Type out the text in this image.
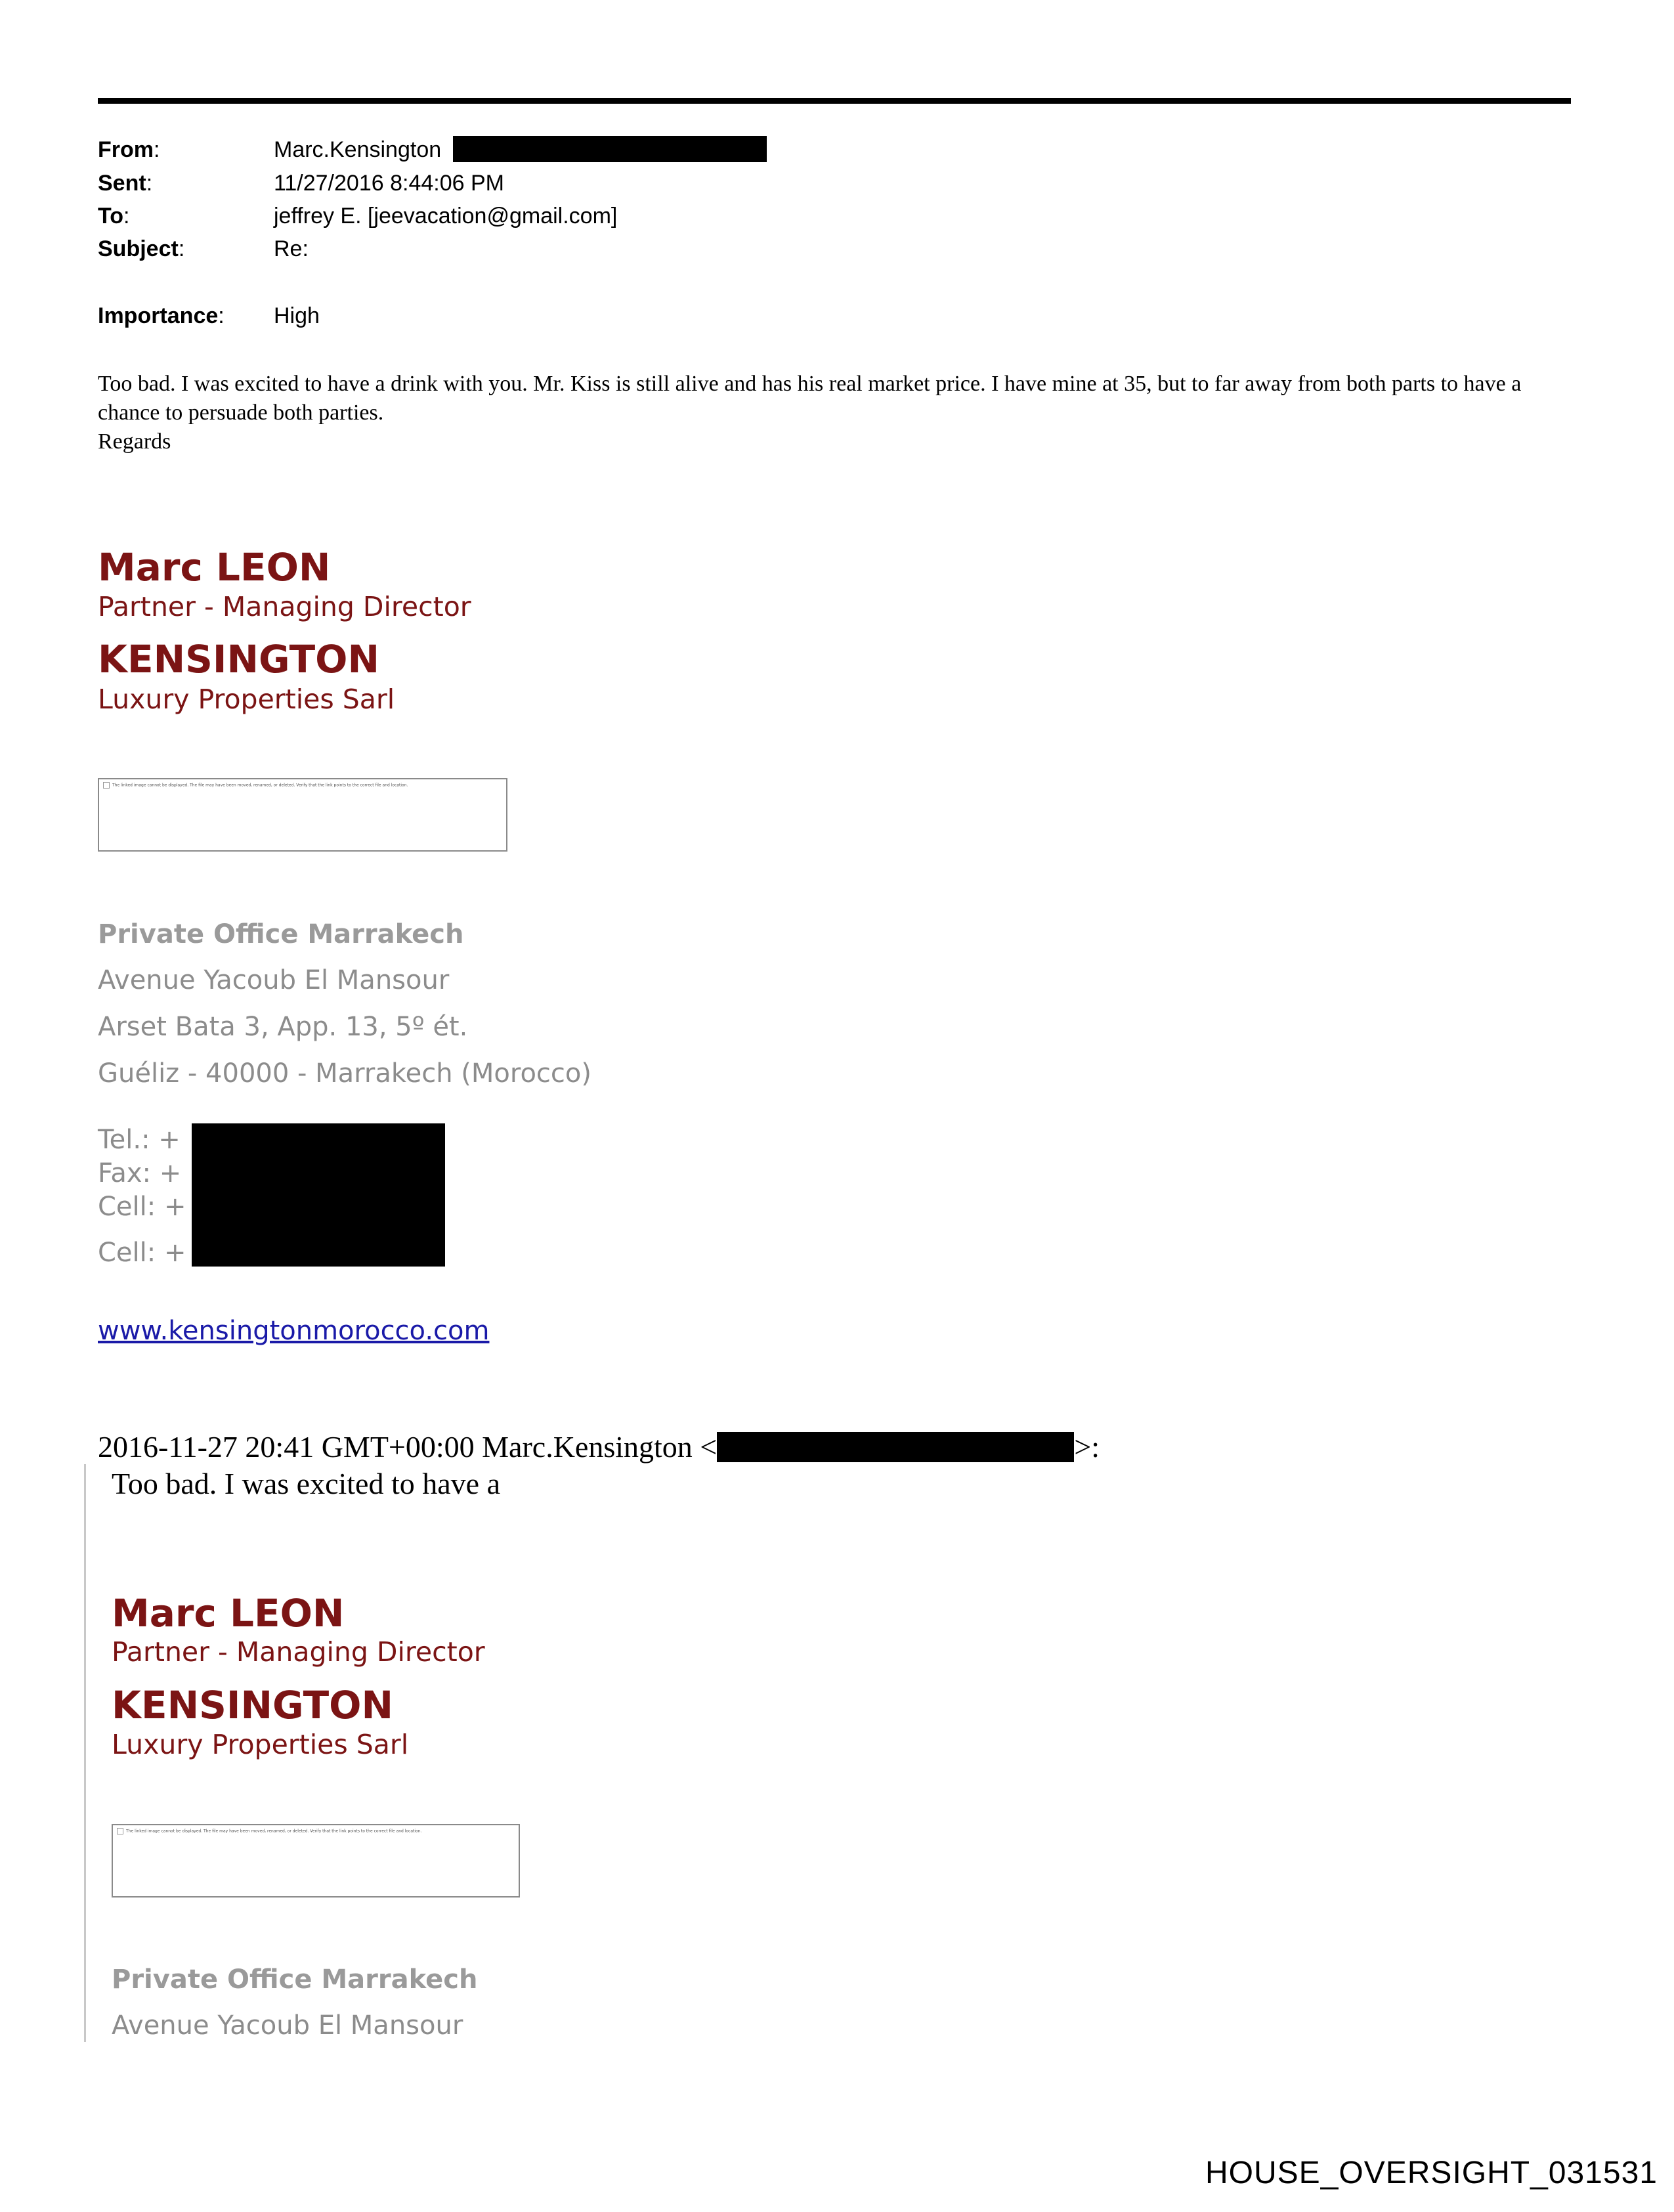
From:	Marc.Kensington
Sent:	11/27/2016 8:44:06 PM
To:	jeffrey E. [jeevacation@gmail.com]
Subject:	Re:
Importance: High
Too bad. I was excited to have a drink with you. Mr. Kiss is still alive and has his real market price. I have mine at 35, but to far away from both parts to have a chance to persuade both parties.
Regards
Marc LEON
Partner - Managing Director
KENSINGTON
Luxury Properties Sarl
The linked image cannot be displayed. The file may have been moved, renamed, or deleted. Verify that the link points to the correct file and location.
Private Office Marrakech
Avenue Yacoub El Mansour
Arset Bata 3, App. 13, 5º ét.
Guéliz - 40000 - Marrakech (Morocco)
Tel.: +
Fax: +
Cell: +
Cell: +
www.kensingtonmorocco.com
2016-11-27 20:41 GMT+00:00 Marc.Kensington <	>:
Too bad. I was excited to have a
Marc LEON
Partner - Managing Director
KENSINGTON
Luxury Properties Sarl
The linked image cannot be displayed. The file may have been moved, renamed, or deleted. Verify that the link points to the correct file and location.
Private Office Marrakech
Avenue Yacoub El Mansour
HOUSE_OVERSIGHT_031531
